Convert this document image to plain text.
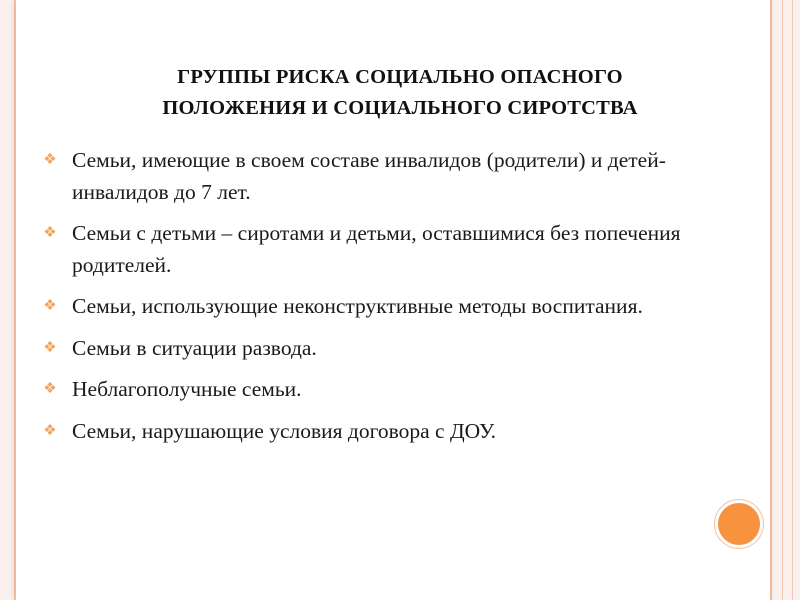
ГРУППЫ РИСКА СОЦИАЛЬНО ОПАСНОГО
ПОЛОЖЕНИЯ И СОЦИАЛЬНОГО СИРОТСТВА
❖ Семьи, имеющие в своем составе инвалидов (родители) и детей-инвалидов до 7 лет.
❖ Семьи с детьми – сиротами и детьми, оставшимися без попечения родителей.
❖ Семьи, использующие неконструктивные методы воспитания.
❖ Семьи в ситуации развода.
❖ Неблагополучные семьи.
❖ Семьи, нарушающие условия договора с ДОУ.
